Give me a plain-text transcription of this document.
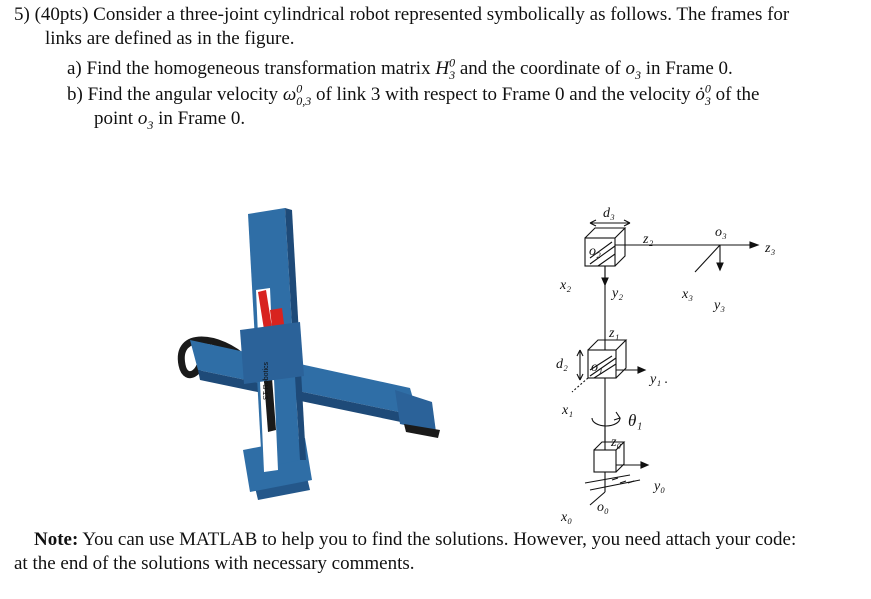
5) (40pts) Consider a three-joint cylindrical robot represented symbolically as follows. The frames for
links are defined as in the figure.
a) Find the homogeneous transformation matrix $H^0_3$ and the coordinate of $o_3$ in Frame 0.
b) Find the angular velocity $\omega^0_{0,3}$ of link 3 with respect to Frame 0 and the velocity $ȯ^0_3$ of the
point $o_3$ in Frame 0.
ST Robotics
d₃
z₂	o₃
z₃
o₂
x₂
y₂	x₃
y₃
z₁
d₂ o₁
y₁ .
x₁
θ₁
z₀
y₀
x₀
o₀
Note: You can use MATLAB to help you to find the solutions. However, you need attach your code:
at the end of the solutions with necessary comments.
